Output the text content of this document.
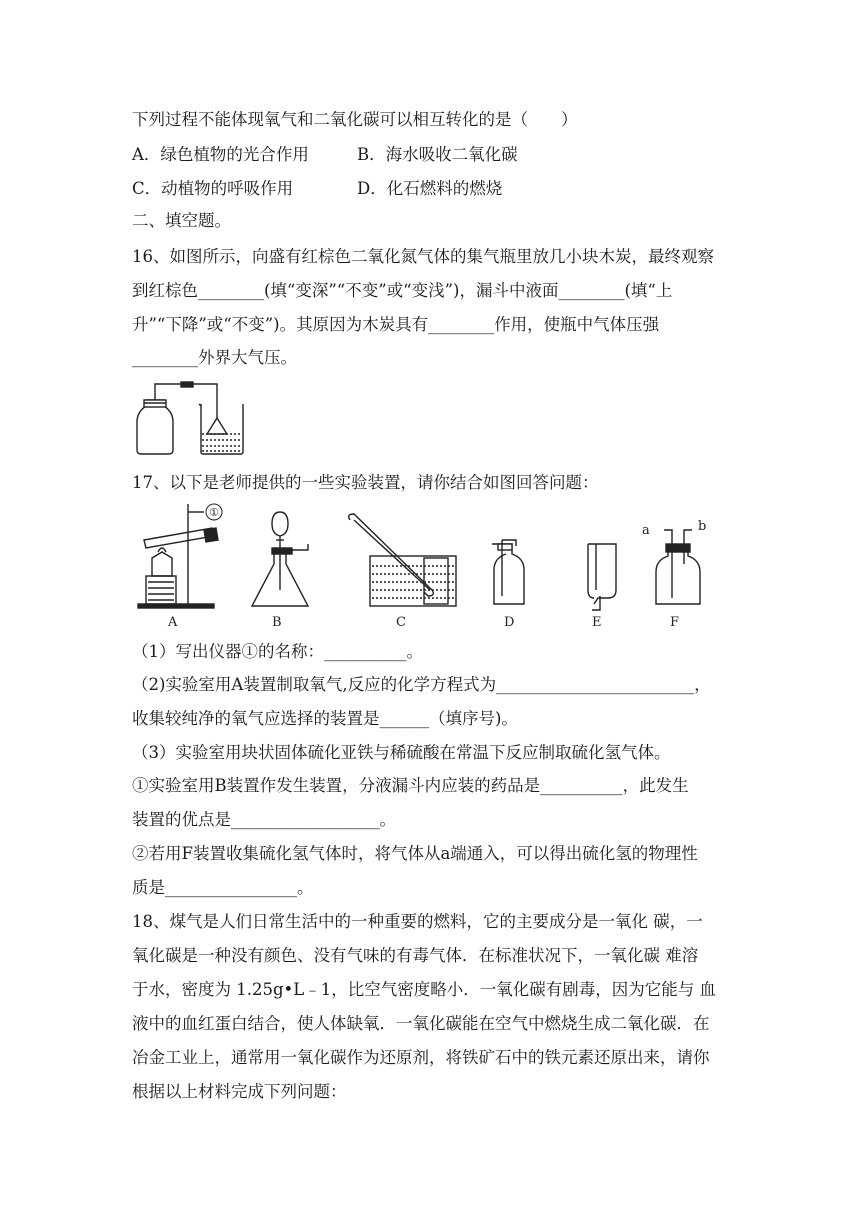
下列过程不能体现氧气和二氧化碳可以相互转化的是（　　）
A．绿色植物的光合作用	B．海水吸收二氧化碳
C．动植物的呼吸作用	D．化石燃料的燃烧
二、填空题。
16、如图所示，向盛有红棕色二氧化氮气体的集气瓶里放几小块木炭，最终观察
到红棕色________(填“变深”“不变”或“变浅”)，漏斗中液面________(填“上
升”“下降”或“不变”)。其原因为木炭具有________作用，使瓶中气体压强
________外界大气压。
17、以下是老师提供的一些实验装置，请你结合如图回答问题：
①
a	b
A	B	C	D	E	F
（1）写出仪器①的名称：__________。
（2)实验室用A装置制取氧气,反应的化学方程式为________________________，
收集较纯净的氧气应选择的装置是______（填序号)。
（3）实验室用块状固体硫化亚铁与稀硫酸在常温下反应制取硫化氢气体。
①实验室用B装置作发生装置，分液漏斗内应装的药品是__________，此发生
装置的优点是__________________。
②若用F装置收集硫化氢气体时，将气体从a端通入，可以得出硫化氢的物理性
质是________________。
18、煤气是人们日常生活中的一种重要的燃料，它的主要成分是一氧化 碳，一
氧化碳是一种没有颜色、没有气味的有毒气体．在标准状况下，一氧化碳 难溶
于水，密度为 1.25g•L﹣1，比空气密度略小．一氧化碳有剧毒，因为它能与 血
液中的血红蛋白结合，使人体缺氧．一氧化碳能在空气中燃烧生成二氧化碳．在
冶金工业上，通常用一氧化碳作为还原剂，将铁矿石中的铁元素还原出来，请你
根据以上材料完成下列问题：
